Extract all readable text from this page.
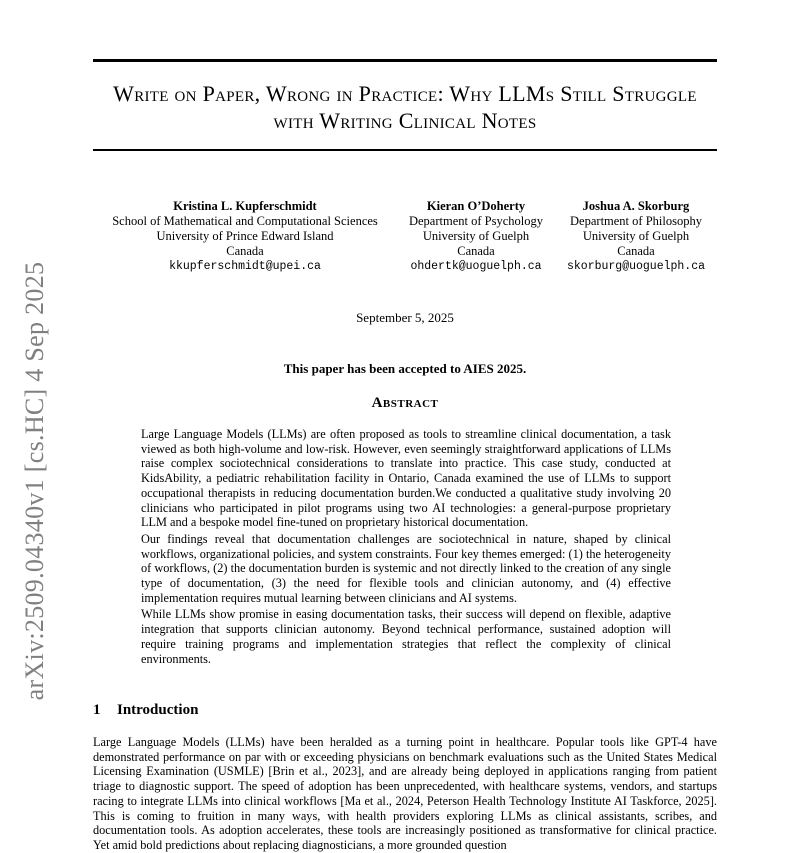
arXiv:2509.04340v1 [cs.HC] 4 Sep 2025
Write on Paper, Wrong in Practice: Why LLMs Still Struggle with Writing Clinical Notes
Kristina L. Kupferschmidt
School of Mathematical and Computational Sciences
University of Prince Edward Island
Canada
kkupferschmidt@upei.ca
Kieran O’Doherty
Department of Psychology
University of Guelph
Canada
ohdertk@uoguelph.ca
Joshua A. Skorburg
Department of Philosophy
University of Guelph
Canada
skorburg@uoguelph.ca
September 5, 2025
This paper has been accepted to AIES 2025.
Abstract

Large Language Models (LLMs) are often proposed as tools to streamline clinical documentation, a task viewed as both high-volume and low-risk. However, even seemingly straightforward applications of LLMs raise complex sociotechnical considerations to translate into practice. This case study, conducted at KidsAbility, a pediatric rehabilitation facility in Ontario, Canada examined the use of LLMs to support occupational therapists in reducing documentation burden.We conducted a qualitative study involving 20 clinicians who participated in pilot programs using two AI technologies: a general-purpose proprietary LLM and a bespoke model fine-tuned on proprietary historical documentation.

Our findings reveal that documentation challenges are sociotechnical in nature, shaped by clinical workflows, organizational policies, and system constraints. Four key themes emerged: (1) the heterogeneity of workflows, (2) the documentation burden is systemic and not directly linked to the creation of any single type of documentation, (3) the need for flexible tools and clinician autonomy, and (4) effective implementation requires mutual learning between clinicians and AI systems.

While LLMs show promise in easing documentation tasks, their success will depend on flexible, adaptive integration that supports clinician autonomy. Beyond technical performance, sustained adoption will require training programs and implementation strategies that reflect the complexity of clinical environments.

1 Introduction

Large Language Models (LLMs) have been heralded as a turning point in healthcare. Popular tools like GPT-4 have demonstrated performance on par with or exceeding physicians on benchmark evaluations such as the United States Medical Licensing Examination (USMLE) [Brin et al., 2023], and are already being deployed in applications ranging from patient triage to diagnostic support. The speed of adoption has been unprecedented, with healthcare systems, vendors, and startups racing to integrate LLMs into clinical workflows [Ma et al., 2024, Peterson Health Technology Institute AI Taskforce, 2025]. This is coming to fruition in many ways, with health providers exploring LLMs as clinical assistants, scribes, and documentation tools. As adoption accelerates, these tools are increasingly positioned as transformative for clinical practice. Yet amid bold predictions about replacing diagnosticians, a more grounded question
